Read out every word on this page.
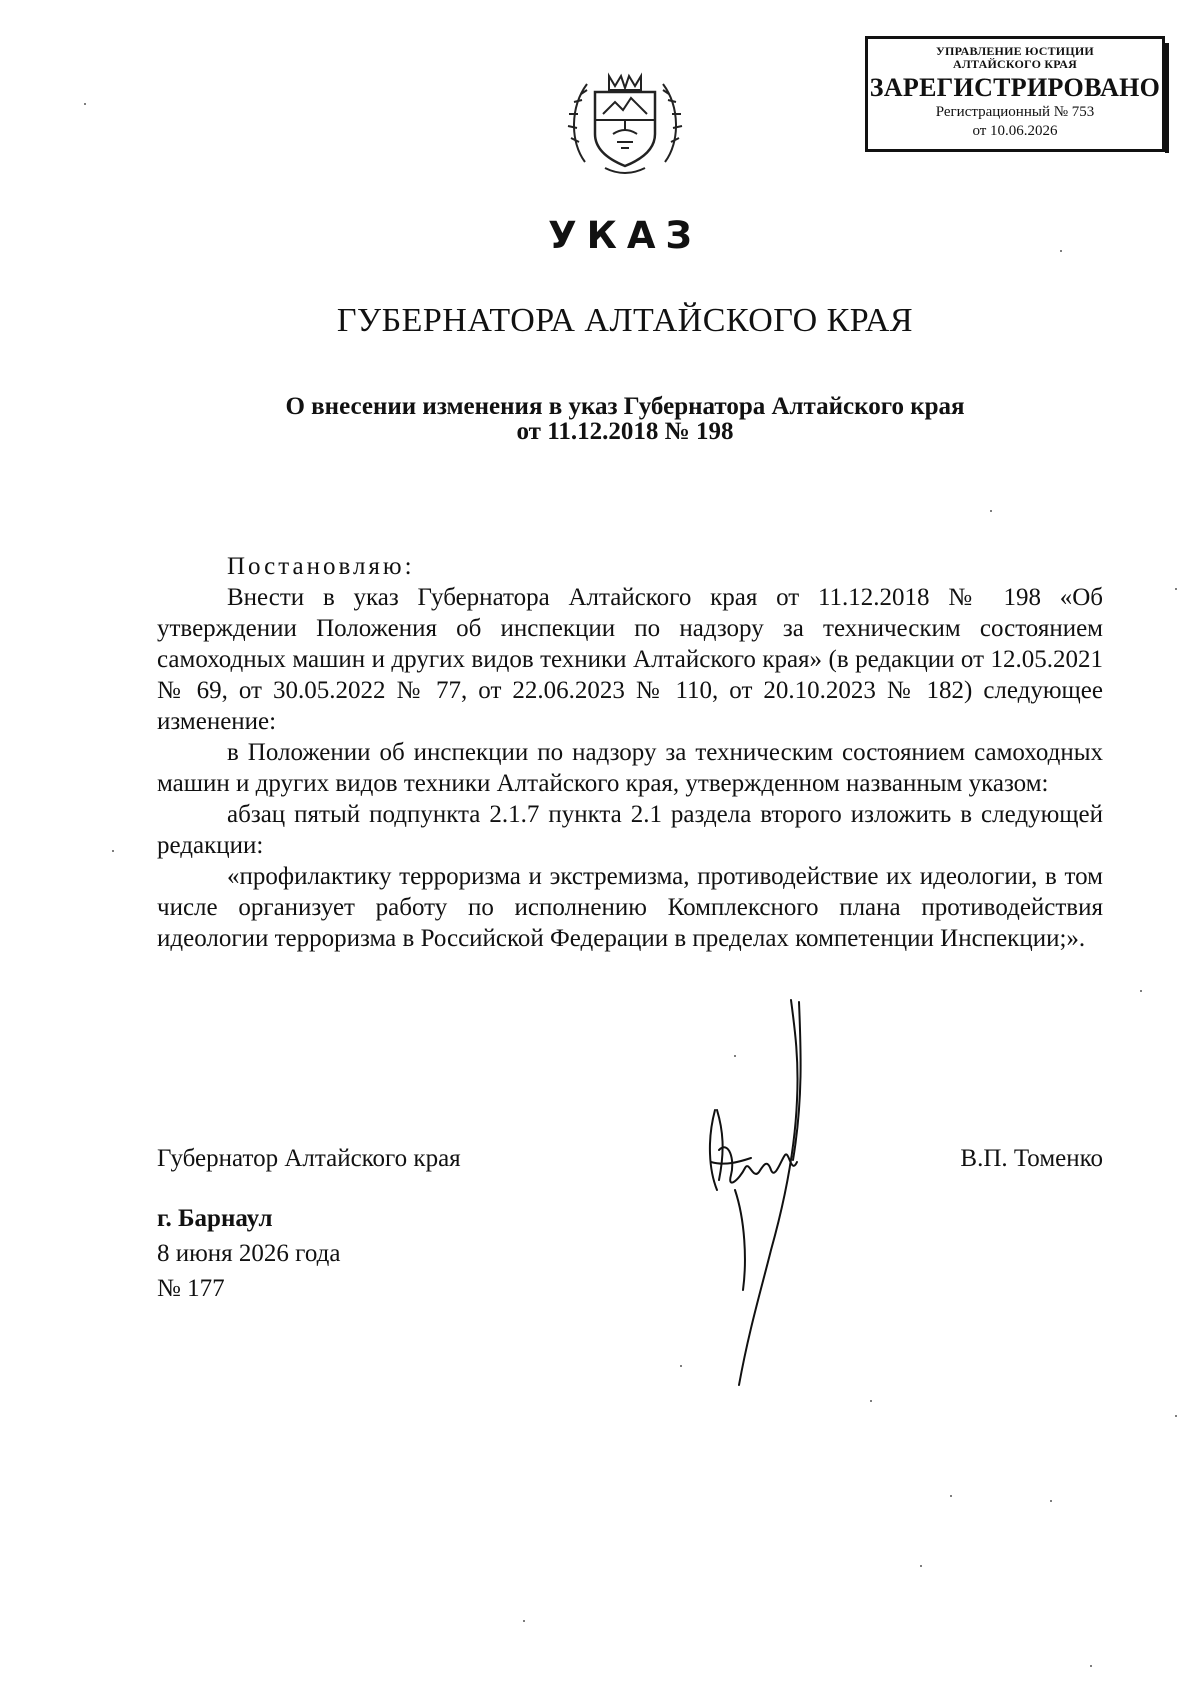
УПРАВЛЕНИЕ ЮСТИЦИИ
АЛТАЙСКОГО КРАЯ
ЗАРЕГИСТРИРОВАНО
Регистрационный № 753
от 10.06.2026
УКАЗ
ГУБЕРНАТОРА АЛТАЙСКОГО КРАЯ
О внесении изменения в указ Губернатора Алтайского края
от 11.12.2018 № 198

Постановляю:

Внести в указ Губернатора Алтайского края от 11.12.2018 № 198 «Об утверждении Положения об инспекции по надзору за техническим состоянием самоходных машин и других видов техники Алтайского края» (в редакции от 12.05.2021 № 69, от 30.05.2022 № 77, от 22.06.2023 № 110, от 20.10.2023 № 182) следующее изменение:

в Положении об инспекции по надзору за техническим состоянием самоходных машин и других видов техники Алтайского края, утвержденном названным указом:

абзац пятый подпункта 2.1.7 пункта 2.1 раздела второго изложить в следующей редакции:

«профилактику терроризма и экстремизма, противодействие их идеологии, в том числе организует работу по исполнению Комплексного плана противодействия идеологии терроризма в Российской Федерации в пределах компетенции Инспекции;».

Губернатор Алтайского края	В.П. Томенко
г. Барнаул
8 июня 2026 года
№ 177
